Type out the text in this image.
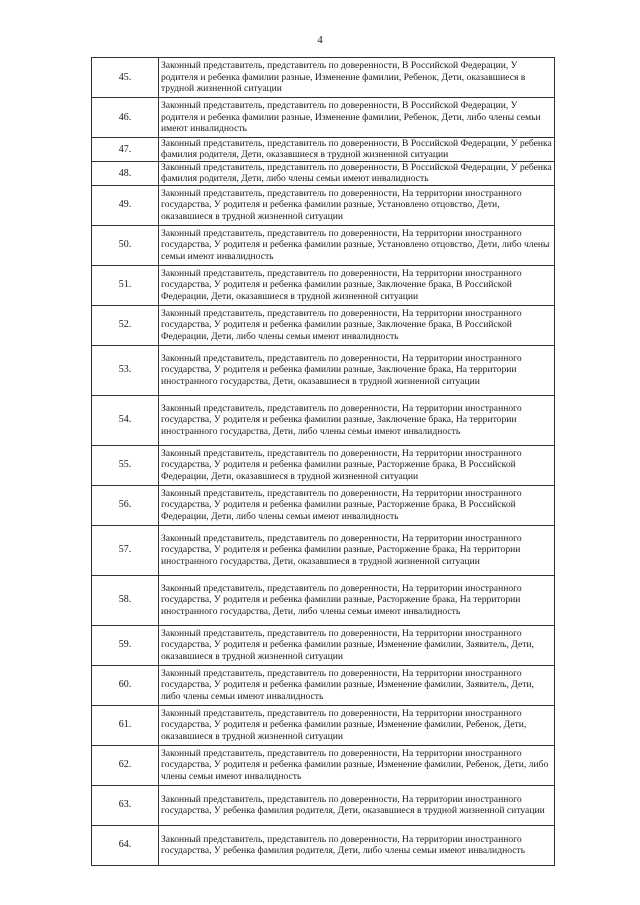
4
45.	Законный представитель, представитель по доверенности, В Российской Федерации, У родителя и ребенка фамилии разные, Изменение фамилии, Ребенок, Дети, оказавшиеся в трудной жизненной ситуации
46.	Законный представитель, представитель по доверенности, В Российской Федерации, У родителя и ребенка фамилии разные, Изменение фамилии, Ребенок, Дети, либо члены семьи имеют инвалидность
47.	Законный представитель, представитель по доверенности, В Российской Федерации, У ребенка фамилия родителя, Дети, оказавшиеся в трудной жизненной ситуации
48.	Законный представитель, представитель по доверенности, В Российской Федерации, У ребенка фамилия родителя, Дети, либо члены семьи имеют инвалидность
49.	Законный представитель, представитель по доверенности, На территории иностранного государства, У родителя и ребенка фамилии разные, Установлено отцовство, Дети, оказавшиеся в трудной жизненной ситуации
50.	Законный представитель, представитель по доверенности, На территории иностранного государства, У родителя и ребенка фамилии разные, Установлено отцовство, Дети, либо члены семьи имеют инвалидность
51.	Законный представитель, представитель по доверенности, На территории иностранного государства, У родителя и ребенка фамилии разные, Заключение брака, В Российской Федерации, Дети, оказавшиеся в трудной жизненной ситуации
52.	Законный представитель, представитель по доверенности, На территории иностранного государства, У родителя и ребенка фамилии разные, Заключение брака, В Российской Федерации, Дети, либо члены семьи имеют инвалидность
53.	Законный представитель, представитель по доверенности, На территории иностранного государства, У родителя и ребенка фамилии разные, Заключение брака, На территории иностранного государства, Дети, оказавшиеся в трудной жизненной ситуации
54.	Законный представитель, представитель по доверенности, На территории иностранного государства, У родителя и ребенка фамилии разные, Заключение брака, На территории иностранного государства, Дети, либо члены семьи имеют инвалидность
55.	Законный представитель, представитель по доверенности, На территории иностранного государства, У родителя и ребенка фамилии разные, Расторжение брака, В Российской Федерации, Дети, оказавшиеся в трудной жизненной ситуации
56.	Законный представитель, представитель по доверенности, На территории иностранного государства, У родителя и ребенка фамилии разные, Расторжение брака, В Российской Федерации, Дети, либо члены семьи имеют инвалидность
57.	Законный представитель, представитель по доверенности, На территории иностранного государства, У родителя и ребенка фамилии разные, Расторжение брака, На территории иностранного государства, Дети, оказавшиеся в трудной жизненной ситуации
58.	Законный представитель, представитель по доверенности, На территории иностранного государства, У родителя и ребенка фамилии разные, Расторжение брака, На территории иностранного государства, Дети, либо члены семьи имеют инвалидность
59.	Законный представитель, представитель по доверенности, На территории иностранного государства, У родителя и ребенка фамилии разные, Изменение фамилии, Заявитель, Дети, оказавшиеся в трудной жизненной ситуации
60.	Законный представитель, представитель по доверенности, На территории иностранного государства, У родителя и ребенка фамилии разные, Изменение фамилии, Заявитель, Дети, либо члены семьи имеют инвалидность
61.	Законный представитель, представитель по доверенности, На территории иностранного государства, У родителя и ребенка фамилии разные, Изменение фамилии, Ребенок, Дети, оказавшиеся в трудной жизненной ситуации
62.	Законный представитель, представитель по доверенности, На территории иностранного государства, У родителя и ребенка фамилии разные, Изменение фамилии, Ребенок, Дети, либо члены семьи имеют инвалидность
63.	Законный представитель, представитель по доверенности, На территории иностранного государства, У ребенка фамилия родителя, Дети, оказавшиеся в трудной жизненной ситуации
64.	Законный представитель, представитель по доверенности, На территории иностранного государства, У ребенка фамилия родителя, Дети, либо члены семьи имеют инвалидность
